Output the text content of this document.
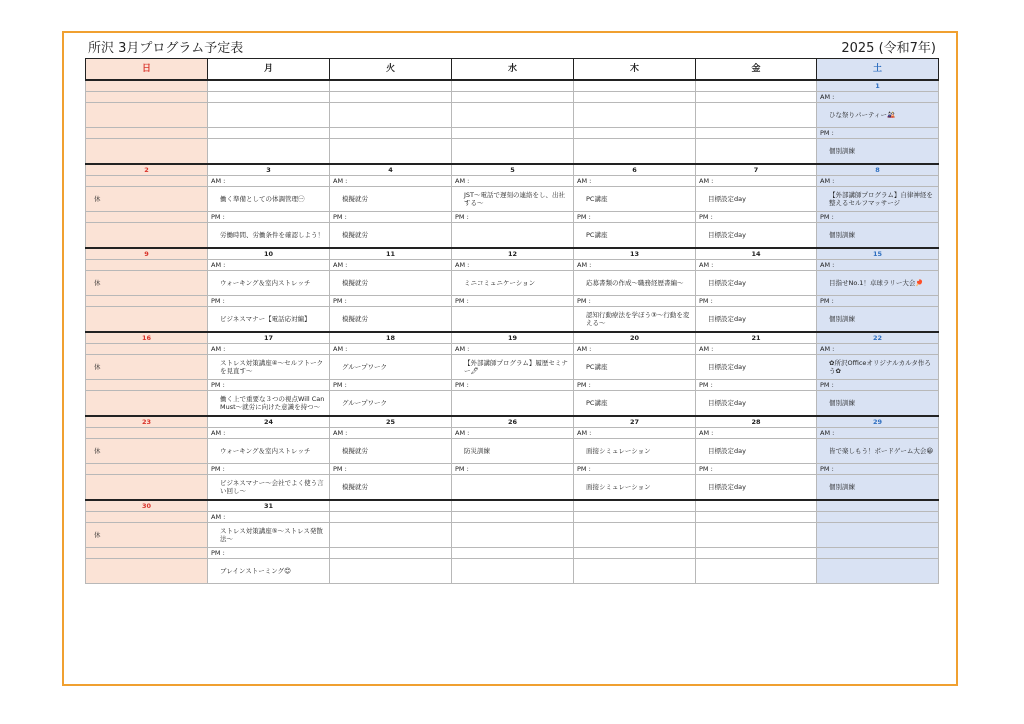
所沢 3月プログラム予定表	2025 (令和7年)
日	月	火	水	木	金	土
						1
						AM :
						ひな祭りパーティー🎎
						PM :
						個別訓練
2	3	4	5	6	7	8
	AM :	AM :	AM :	AM :	AM :	AM :
休	働く準備としての体調管理㊀	模擬就労	JST〜電話で遅刻の連絡をし、出社する〜	PC講座	目標設定day	【外部講師プログラム】自律神経を整えるセルフマッサージ
	PM :	PM :	PM :	PM :	PM :	PM :
	労働時間、労働条件を確認しよう！	模擬就労		PC講座	目標設定day	個別訓練
9	10	11	12	13	14	15
	AM :	AM :	AM :	AM :	AM :	AM :
休	ウォーキング＆室内ストレッチ	模擬就労	ミニコミュニケーション	応募書類の作成〜職務経歴書編〜	目標設定day	目指せNo.1！卓球ラリー大会🏓
	PM :	PM :	PM :	PM :	PM :	PM :
	ビジネスマナー【電話応対編】	模擬就労		認知行動療法を学ぼう③〜行動を変える〜	目標設定day	個別訓練
16	17	18	19	20	21	22
	AM :	AM :	AM :	AM :	AM :	AM :
休	ストレス対策講座④〜セルフトークを見直す〜	グループワーク	【外部講師プログラム】履歴セミナー🖊	PC講座	目標設定day	✿所沢Officeオリジナルカルタ作ろう✿
	PM :	PM :	PM :	PM :	PM :	PM :
	働く上で重要な３つの視点Will Can Must〜就労に向けた意識を持つ〜	グループワーク		PC講座	目標設定day	個別訓練
23	24	25	26	27	28	29
	AM :	AM :	AM :	AM :	AM :	AM :
休	ウォーキング＆室内ストレッチ	模擬就労	防災訓練	面接シミュレーション	目標設定day	皆で楽しもう！ボードゲーム大会😀
	PM :	PM :	PM :	PM :	PM :	PM :
	ビジネスマナー〜会社でよく使う言い回し〜	模擬就労		面接シミュレーション	目標設定day	個別訓練
30	31					
	AM :					
休	ストレス対策講座⑤〜ストレス発散法〜					
	PM :					
	ブレインストーミング😊					
